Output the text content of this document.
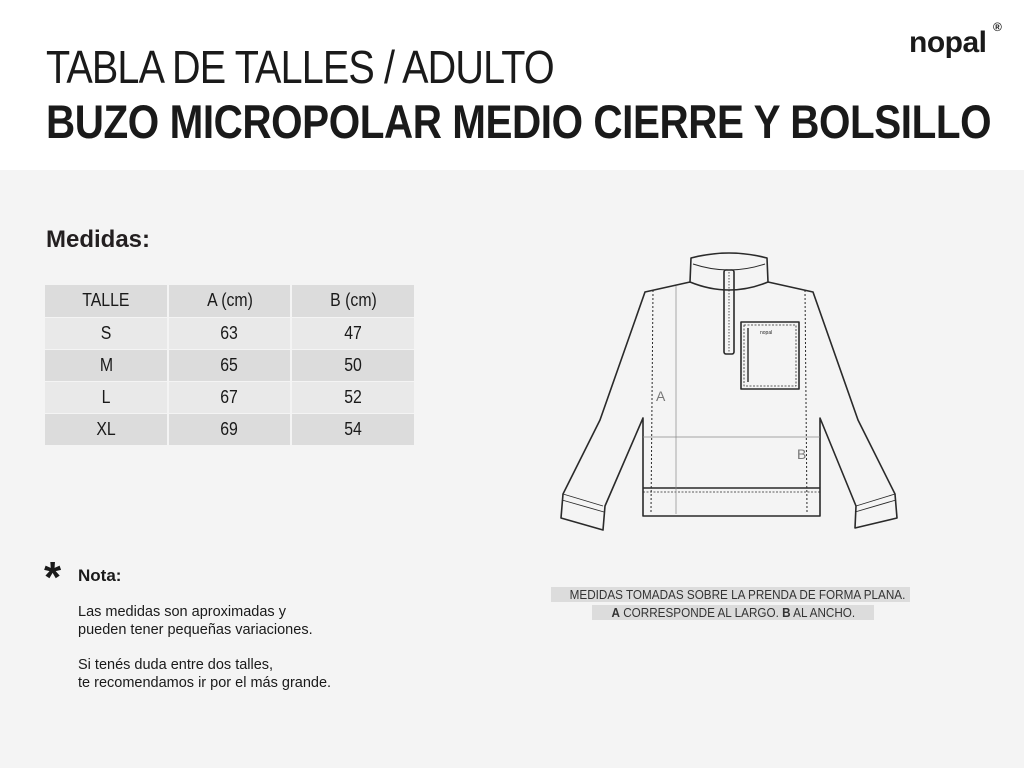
TABLA DE TALLES / ADULTO
BUZO MICROPOLAR MEDIO CIERRE Y BOLSILLO
nopal ®
Medidas:
TALLE	A (cm)	B (cm)
S	63	47
M	65	50
L	67	52
XL	69	54
* Nota:
Las medidas son aproximadas y
pueden tener pequeñas variaciones.
Si tenés duda entre dos talles,
te recomendamos ir por el más grande.
nopal
A
B
MEDIDAS TOMADAS SOBRE LA PRENDA DE FORMA PLANA.
A CORRESPONDE AL LARGO. B AL ANCHO.
